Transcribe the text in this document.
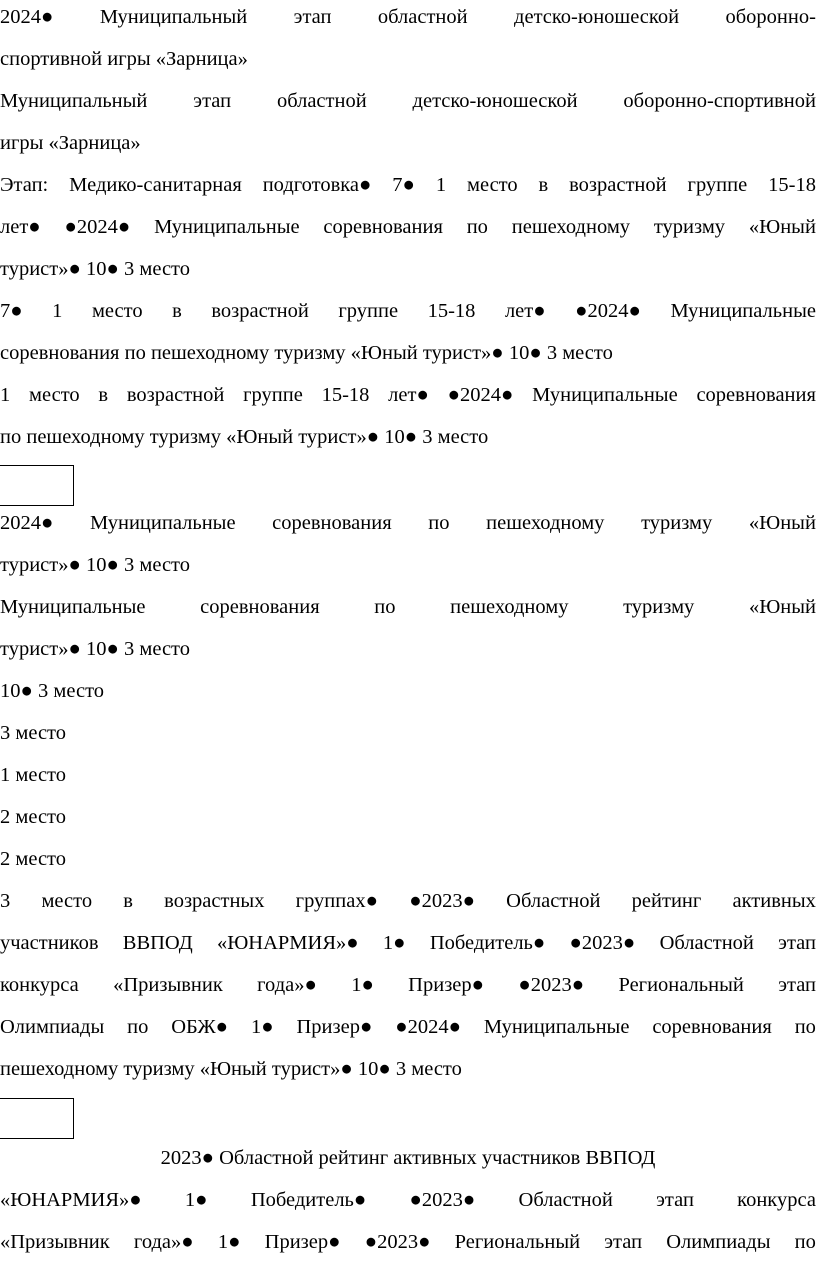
2024● Муниципальный этап областной детско-юношеской оборонно-
спортивной игры «Зарница»
Муниципальный этап областной детско-юношеской оборонно-спортивной
игры «Зарница»
Этап: Медико-санитарная подготовка● 7● 1 место в возрастной группе 15-18
лет● ●2024● Муниципальные соревнования по пешеходному туризму «Юный
турист»● 10● 3 место
7● 1 место в возрастной группе 15-18 лет● ●2024● Муниципальные
соревнования по пешеходному туризму «Юный турист»● 10● 3 место
1 место в возрастной группе 15-18 лет● ●2024● Муниципальные соревнования
по пешеходному туризму «Юный турист»● 10● 3 место
2024● Муниципальные соревнования по пешеходному туризму «Юный
турист»● 10● 3 место
Муниципальные	соревнования	по	пешеходному	туризму	«Юный
турист»● 10● 3 место
10● 3 место
3 место
1 место
2 место
2 место
3 место в возрастных группах● ●2023● Областной рейтинг активных
участников ВВПОД «ЮНАРМИЯ»● 1● Победитель● ●2023● Областной этап
конкурса «Призывник года»● 1● Призер● ●2023● Региональный этап
Олимпиады по ОБЖ● 1● Призер● ●2024● Муниципальные соревнования по
пешеходному туризму «Юный турист»● 10● 3 место
2023● Областной рейтинг активных участников ВВПОД
«ЮНАРМИЯ»● 1● Победитель● ●2023● Областной этап конкурса
«Призывник года»● 1● Призер● ●2023● Региональный этап Олимпиады по
